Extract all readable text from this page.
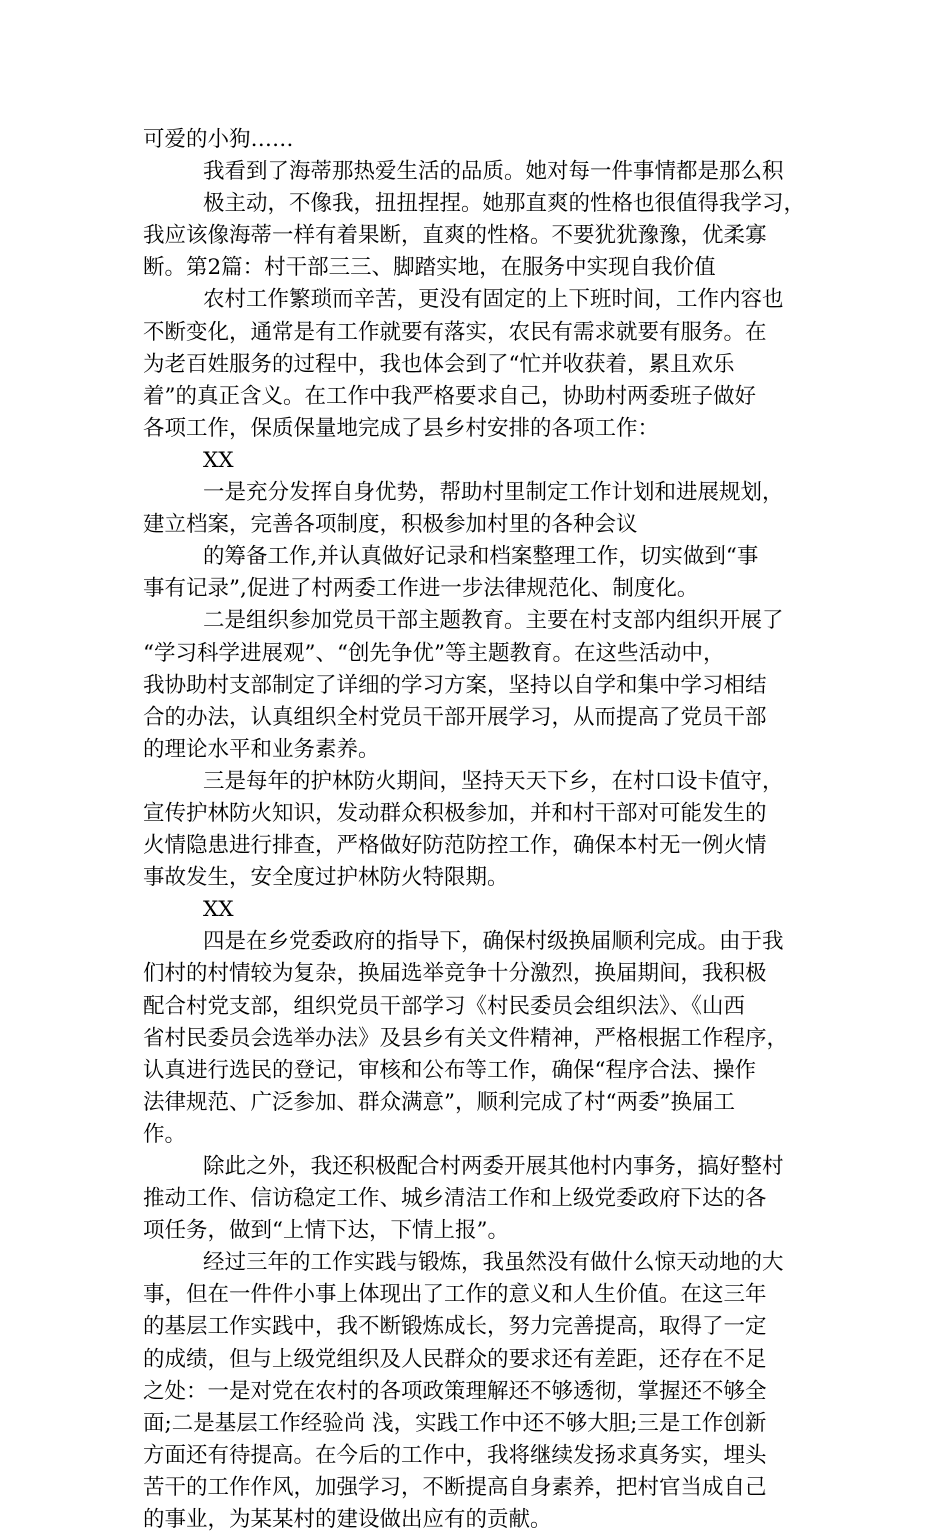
可爱的小狗……
我看到了海蒂那热爱生活的品质。她对每一件事情都是那么积
极主动，不像我，扭扭捏捏。她那直爽的性格也很值得我学习，
我应该像海蒂一样有着果断，直爽的性格。不要犹犹豫豫，优柔寡
断。第2篇：村干部三三、脚踏实地，在服务中实现自我价值
农村工作繁琐而辛苦，更没有固定的上下班时间，工作内容也
不断变化，通常是有工作就要有落实，农民有需求就要有服务。在
为老百姓服务的过程中，我也体会到了“忙并收获着，累且欢乐
着”的真正含义。在工作中我严格要求自己，协助村两委班子做好
各项工作，保质保量地完成了县乡村安排的各项工作：
XX
一是充分发挥自身优势，帮助村里制定工作计划和进展规划，
建立档案，完善各项制度，积极参加村里的各种会议
的筹备工作,并认真做好记录和档案整理工作，切实做到“事
事有记录”,促进了村两委工作进一步法律规范化、制度化。
二是组织参加党员干部主题教育。主要在村支部内组织开展了
“学习科学进展观”、“创先争优”等主题教育。在这些活动中，
我协助村支部制定了详细的学习方案，坚持以自学和集中学习相结
合的办法，认真组织全村党员干部开展学习，从而提高了党员干部
的理论水平和业务素养。
三是每年的护林防火期间，坚持天天下乡，在村口设卡值守，
宣传护林防火知识，发动群众积极参加，并和村干部对可能发生的
火情隐患进行排查，严格做好防范防控工作，确保本村无一例火情
事故发生，安全度过护林防火特限期。
XX
四是在乡党委政府的指导下，确保村级换届顺利完成。由于我
们村的村情较为复杂，换届选举竞争十分激烈，换届期间，我积极
配合村党支部，组织党员干部学习《村民委员会组织法》、《山西
省村民委员会选举办法》及县乡有关文件精神，严格根据工作程序，
认真进行选民的登记，审核和公布等工作，确保“程序合法、操作
法律规范、广泛参加、群众满意”，顺利完成了村“两委”换届工
作。
除此之外，我还积极配合村两委开展其他村内事务，搞好整村
推动工作、信访稳定工作、城乡清洁工作和上级党委政府下达的各
项任务，做到“上情下达，下情上报”。
经过三年的工作实践与锻炼，我虽然没有做什么惊天动地的大
事，但在一件件小事上体现出了工作的意义和人生价值。在这三年
的基层工作实践中，我不断锻炼成长，努力完善提高，取得了一定
的成绩，但与上级党组织及人民群众的要求还有差距，还存在不足
之处：一是对党在农村的各项政策理解还不够透彻，掌握还不够全
面;二是基层工作经验尚 浅，实践工作中还不够大胆;三是工作创新
方面还有待提高。在今后的工作中，我将继续发扬求真务实，埋头
苦干的工作作风，加强学习，不断提高自身素养，把村官当成自己
的事业，为某某村的建设做出应有的贡献。
